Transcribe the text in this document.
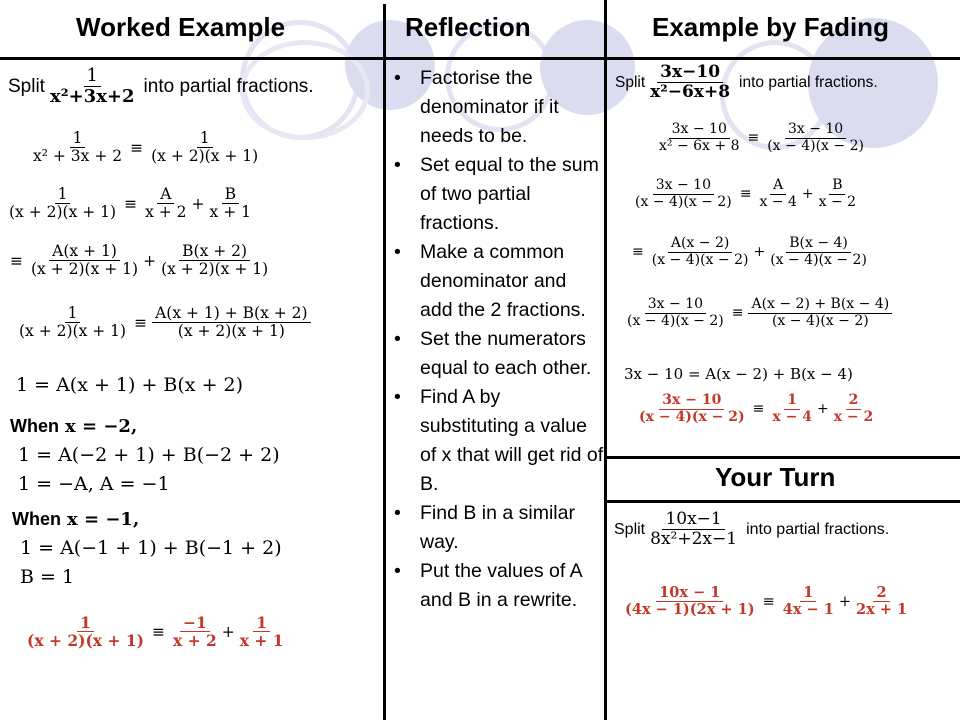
Worked Example	Reflection	Example by Fading
Your Turn
Split $\frac{1}{\text{x²+3x+2}}$ into partial fractions.
$\frac{1}{\text{x² + 3x + 2}} \equiv \frac{1}{(x + 2)(x + 1)}$
$\frac{1}{(x + 2)(x + 1)} \equiv \frac{A}{x + 2} + \frac{B}{x + 1}$
≡ $\frac{A(x + 1)}{(x + 2)(x + 1)} + \frac{B(x + 2)}{(x + 2)(x + 1)}$
$\frac{1}{(x + 2)(x + 1)} \equiv \frac{A(x + 1) + B(x + 2)}{(x + 2)(x + 1)}$
1 = A(x + 1) + B(x + 2)
When x = −2,
1 = A(−2 + 1) + B(−2 + 2)
1 = −A, A = −1
When x = −1,
1 = A(−1 + 1) + B(−1 + 2)
B = 1
$\frac{1}{(x + 2)(x + 1)} \equiv \frac{-1}{x + 2} + \frac{1}{x + 1}$
• Factorise the denominator if it needs to be.
• Set equal to the sum of two partial fractions.
• Make a common denominator and add the 2 fractions.
• Set the numerators equal to each other.
• Find A by substituting a value of x that will get rid of B.
• Find B in a similar way.
• Put the values of A and B in a rewrite.
Split $\frac{3x-10}{\text{x²−6x+8}}$ into partial fractions.
$\frac{3x - 10}{\text{x² − 6x + 8}} \equiv \frac{3x - 10}{(x - 4)(x - 2)}$
$\frac{3x - 10}{(x - 4)(x - 2)} \equiv \frac{A}{x - 4} + \frac{B}{x - 2}$
≡ $\frac{A(x - 2)}{(x - 4)(x - 2)} + \frac{B(x - 4)}{(x - 4)(x - 2)}$
$\frac{3x - 10}{(x - 4)(x - 2)} \equiv \frac{A(x - 2) + B(x - 4)}{(x - 4)(x - 2)}$
3x − 10 = A(x − 2) + B(x − 4)
$\frac{3x - 10}{(x - 4)(x - 2)} \equiv \frac{1}{x - 4} + \frac{2}{x - 2}$
Split $\frac{10x-1}{\text{8x²+2x−1}}$ into partial fractions.
$\frac{10x - 1}{(4x - 1)(2x + 1)} \equiv \frac{1}{4x - 1} + \frac{2}{2x + 1}$
